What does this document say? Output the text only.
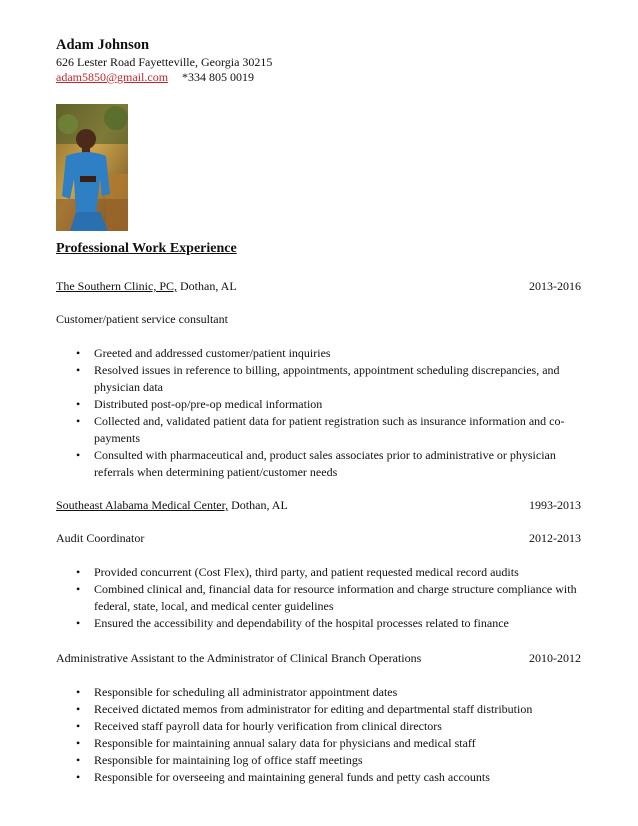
Adam Johnson
626 Lester Road Fayetteville, Georgia 30215
adam5850@gmail.com *334 805 0019
Professional Work Experience
The Southern Clinic, PC, Dothan, AL	2013-2016
Customer/patient service consultant
• Greeted and addressed customer/patient inquiries
• Resolved issues in reference to billing, appointments, appointment scheduling discrepancies, and physician data
• Distributed post-op/pre-op medical information
• Collected and, validated patient data for patient registration such as insurance information and co-payments
• Consulted with pharmaceutical and, product sales associates prior to administrative or physician referrals when determining patient/customer needs
Southeast Alabama Medical Center, Dothan, AL	1993-2013
Audit Coordinator	2012-2013
• Provided concurrent (Cost Flex), third party, and patient requested medical record audits
• Combined clinical and, financial data for resource information and charge structure compliance with federal, state, local, and medical center guidelines
• Ensured the accessibility and dependability of the hospital processes related to finance
Administrative Assistant to the Administrator of Clinical Branch Operations	2010-2012
• Responsible for scheduling all administrator appointment dates
• Received dictated memos from administrator for editing and departmental staff distribution
• Received staff payroll data for hourly verification from clinical directors
• Responsible for maintaining annual salary data for physicians and medical staff
• Responsible for maintaining log of office staff meetings
• Responsible for overseeing and maintaining general funds and petty cash accounts
